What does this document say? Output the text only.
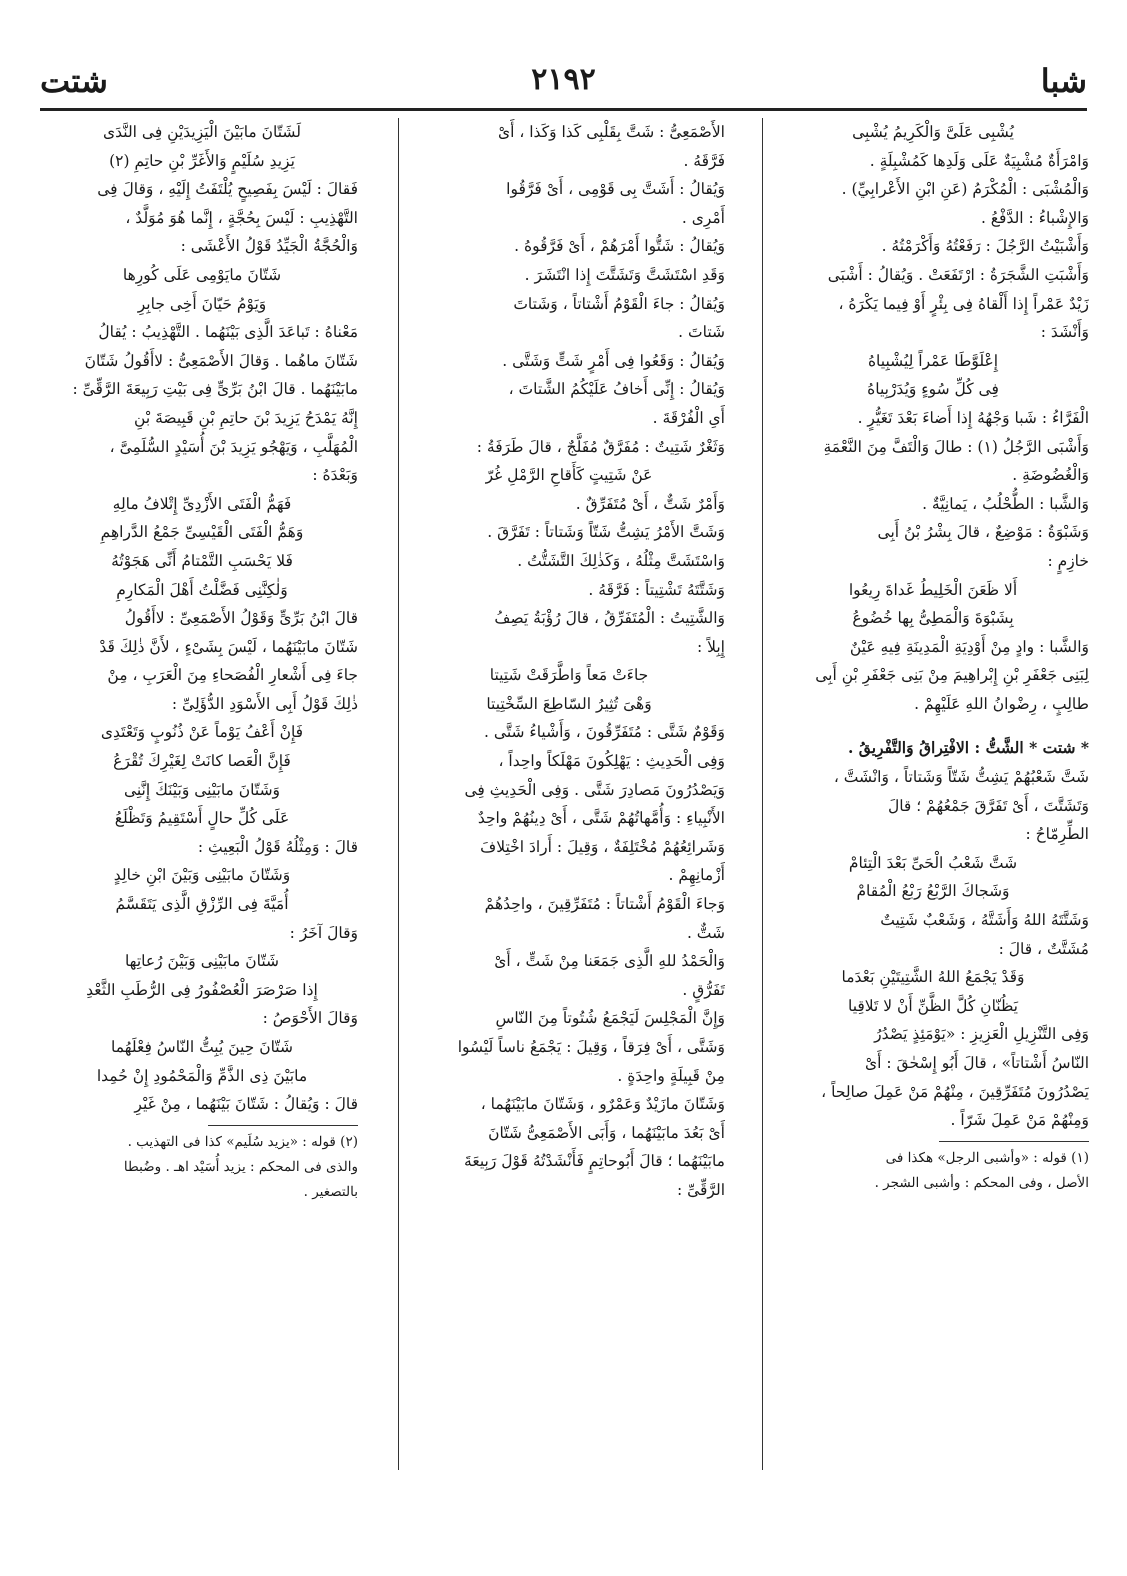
شبا
٢١٩٢
شتت

يُشْبِى عَلَىَّ وَالْكَرِيمُ يُشْبِى

وَامْرَأَةٌ مُشْبِيَةٌ عَلَى وَلَدِها كَمُشْبِلَةٍ .

وَالْمُشْبَى : الْمُكْرَمُ (عَنِ ابْنِ الأَعْرابِيِّ) .

وَالإِشْباءُ : الدَّفْعُ .

وَأَشْبَيْتُ الرَّجُلَ : رَفَعْتُهُ وَأَكْرَمْتُهُ .

وَأَشْبَتِ الشَّجَرَةُ : ارْتَفَعَتْ . وَيُقالُ : أَشْبَى

زَيْدٌ عَمْراً إِذا أَلْقاهُ فِى بِئْرٍ أَوْ فِيما يَكْرَهُ ،

وَأَنْشَدَ :

إِعْلَوَّطَا عَمْراً لِيُشْبِياهُ

فِى كُلِّ سُوءٍ وَيُدَرْبِياهُ

الْفَرَّاءُ : شَبا وَجْهُهُ إِذا أَضاءَ بَعْدَ تَغَيُّرٍ .

وَأَشْبَى الرَّجُلُ (١) : طالَ وَالْتَفَّ مِنَ النَّعْمَةِ

وَالْغُضُوضَةِ .

وَالشَّبا : الطُّحْلُبُ ، يَمانِيَّةٌ .

وَشَبْوَةُ : مَوْضِعٌ ، قالَ بِشْرُ بْنُ أَبِى

خازِمٍ :

أَلا ظَعَنَ الْخَلِيطُ غَداةَ رِيعُوا

بِشَبْوَةَ وَالْمَطِىُّ بِها خُضُوعُ

وَالشَّبا : وادٍ مِنْ أَوْدِيَةِ الْمَدِينَةِ فِيهِ عَيْنٌ

لِبَنِى جَعْفَرِ بْنِ إِبْراهِيمَ مِنْ بَنِى جَعْفَرِ بْنِ أَبِى

طالِبٍ ، رِضْوانُ اللهِ عَلَيْهِمْ .

* شتت * الشَّتُّ : الافْتِراقُ وَالتَّفْرِيقُ .

شَتَّ شَعْبُهُمْ يَشِتُّ شَتّاً وَشَتاتاً ، وَانْشَتَّ ،

وَتَشَتَّتَ ، أَىْ تَفَرَّقَ جَمْعُهُمْ ؛ قالَ

الطِّرِمّاحُ :

شَتَّ شَعْبُ الْحَىِّ بَعْدَ الْتِئامْ

وَشَجاكَ الرَّبْعُ رَبْعُ الْمُقامْ

وَشَتَّتَهُ اللهُ وَأَشَتَّهُ ، وَشَعْبٌ شَتِيتٌ

مُشَتَّتٌ ، قالَ :

وَقَدْ يَجْمَعُ اللهُ الشَّتِيتَيْنِ بَعْدَما

يَظُنّانِ كُلَّ الظَّنِّ أَنْ لا تَلاقِيا

وَفِى التَّنْزِيلِ الْعَزِيزِ : «يَوْمَئِذٍ يَصْدُرُ

النّاسُ أَشْتاتاً» ، قالَ أَبُو إِسْحٰقَ : أَىْ

يَصْدُرُونَ مُتَفَرِّقِينَ ، مِنْهُمْ مَنْ عَمِلَ صالِحاً ،

وَمِنْهُمْ مَنْ عَمِلَ شَرّاً .

(١) قوله : «وأشبى الرجل» هكذا فى

الأصل ، وفى المحكم : وأشبى الشجر .

الأَصْمَعِىُّ : شَتَّ بِقَلْبِى كَذا وَكَذا ، أَىْ

فَرَّقَهُ .

وَيُقالُ : أَشَتَّ بِى قَوْمِى ، أَىْ فَرَّقُوا

أَمْرِى .

وَيُقالُ : شَتُّوا أَمْرَهُمْ ، أَىْ فَرَّقُوهُ .

وَقَدِ اسْتَشَتَّ وَتَشَتَّتَ إِذا انْتَشَرَ .

وَيُقالُ : جاءَ الْقَوْمُ أَشْتاتاً ، وَشَتاتَ

شَتاتَ .

وَيُقالُ : وَقَعُوا فِى أَمْرٍ شَتٍّ وَشَتَّى .

وَيُقالُ : إِنِّى أَخافُ عَلَيْكُمُ الشَّتاتَ ،

أَىِ الْفُرْقَةَ .

وَثَغْرٌ شَتِيتٌ : مُفَرَّقٌ مُفَلَّجٌ ، قالَ طَرَفَةُ :

عَنْ شَتِيتٍ كَأَقاحِ الرَّمْلِ غُرّ

وَأَمْرٌ شَتٌّ ، أَىْ مُتَفَرِّقٌ .

وَشَتَّ الأَمْرُ يَشِتُّ شَتّاً وَشَتاتاً : تَفَرَّقَ .

وَاسْتَشَتَّ مِثْلُهُ ، وَكَذٰلِكَ التَّشَتُّتُ .

وَشَتَّتَهُ تَشْتِيتاً : فَرَّقَهُ .

وَالشَّتِيتُ : الْمُتَفَرِّقُ ، قالَ رُؤْبَةُ يَصِفُ

إِبِلاً :

جاءَتْ مَعاً وَاطَّرَقَتْ شَتِيتا

وَهْىَ تُثِيرُ السّاطِعَ السِّخْتِيتا

وَقَوْمٌ شَتَّى : مُتَفَرِّقُونَ ، وَأَشْياءُ شَتَّى .

وَفِى الْحَدِيثِ : يَهْلِكُونَ مَهْلَكاً واحِداً ،

وَيَصْدُرُونَ مَصادِرَ شَتَّى . وَفِى الْحَدِيثِ فِى

الأَنْبِياءِ : وَأُمَّهاتُهُمْ شَتَّى ، أَىْ دِينُهُمْ واحِدٌ

وَشَرائِعُهُمْ مُخْتَلِفَةٌ ، وَقِيلَ : أَرادَ اخْتِلافَ

أَزْمانِهِمْ .

وَجاءَ الْقَوْمُ أَشْتاتاً : مُتَفَرِّقِينَ ، واحِدُهُمْ

شَتٌّ .

وَالْحَمْدُ للهِ الَّذِى جَمَعَنا مِنْ شَتٍّ ، أَىْ

تَفَرُّقٍ .

وَإِنَّ الْمَجْلِسَ لَيَجْمَعُ شُتُوتاً مِنَ النّاسِ

وَشَتَّى ، أَىْ فِرَقاً ، وَقِيلَ : يَجْمَعُ ناساً لَيْسُوا

مِنْ قَبِيلَةٍ واحِدَةٍ .

وَشَتّانَ مازَيْدٌ وَعَمْرٌو ، وَشَتّانَ مابَيْنَهُما ،

أَىْ بَعُدَ مابَيْنَهُما ، وَأَبَى الأَصْمَعِىُّ شَتّانَ

مابَيْنَهُما ؛ قالَ أَبُوحاتِمٍ فَأَنْشَدْتُهُ قَوْلَ رَبِيعَةَ

الرَّقِّىِّ :

لَشَتّانَ مابَيْنَ الْيَزِيدَيْنِ فِى النَّدَى

يَزِيدِ سُلَيْمٍ وَالأَغَرِّ بْنِ حاتِمِ (٢)

فَقالَ : لَيْسَ بِفَصِيحٍ يُلْتَفَتُ إِلَيْهِ ، وَقالَ فِى

التَّهْذِيبِ : لَيْسَ بِحُجَّةٍ ، إِنَّما هُوَ مُوَلَّدٌ ،

وَالْحُجَّةُ الْجَيِّدُ قَوْلُ الأَعْشَى :

شَتّانَ مايَوْمِى عَلَى كُورِها

وَيَوْمُ حَيّانَ أَخِى جابِرِ

مَعْناهُ : تَباعَدَ الَّذِى بَيْنَهُما . التَّهْذِيبُ : يُقالُ

شَتّانَ ماهُما . وَقالَ الأَصْمَعِىُّ : لاأَقُولُ شَتّانَ

مابَيْنَهُما . قالَ ابْنُ بَرِّىٍّ فِى بَيْتِ رَبِيعَةَ الرَّقِّىِّ :

إِنَّهُ يَمْدَحُ يَزِيدَ بْنَ حاتِمِ بْنِ قَبِيصَةَ بْنِ

الْمُهَلَّبِ ، وَيَهْجُو يَزِيدَ بْنَ أُسَيْدٍ السُّلَمِىَّ ،

وَبَعْدَهُ :

فَهَمُّ الْفَتَى الأَزْدِىِّ إِتْلافُ مالِهِ

وَهَمُّ الْفَتَى الْقَيْسِىِّ جَمْعُ الدَّراهِمِ

فَلا يَحْسَبِ التَّمْتامُ أَنِّى هَجَوْتُهُ

وَلٰكِنَّنِى فَضَّلْتُ أَهْلَ الْمَكارِمِ

قالَ ابْنُ بَرِّىٍّ وَقَوْلُ الأَصْمَعِىِّ : لاأَقُولُ

شَتّانَ مابَيْنَهُما ، لَيْسَ بِشَىْءٍ ، لأَنَّ ذٰلِكَ قَدْ

جاءَ فِى أَشْعارِ الْفُصَحاءِ مِنَ الْعَرَبِ ، مِنْ

ذٰلِكَ قَوْلُ أَبِى الأَسْوَدِ الدُّؤَلِىِّ :

فَإِنْ أَعْفُ يَوْماً عَنْ ذُنُوبٍ وَتَعْتَدِى

فَإِنَّ الْعَصا كانَتْ لِغَيْرِكَ تُقْرَعُ

وَشَتّانَ مابَيْنِى وَبَيْنَكَ إِنَّنِى

عَلَى كُلِّ حالٍ أَسْتَقِيمُ وَتَظْلَعُ

قالَ : وَمِثْلُهُ قَوْلُ الْبَعِيثِ :

وَشَتّانَ مابَيْنِى وَبَيْنَ ابْنِ خالِدٍ

أُمَيَّةَ فِى الرِّزْقِ الَّذِى يَتَقَسَّمُ

وَقالَ آخَرُ :

شَتّانَ مابَيْنِى وَبَيْنَ رُعاتِها

إِذا صَرْصَرَ الْعُصْفُورُ فِى الرُّطَبِ الثَّعْدِ

وَقالَ الأَحْوَصُ :

شَتّانَ حِينَ يُبِتُّ النّاسُ فِعْلَهُما

مابَيْنَ ذِى الذَّمِّ وَالْمَحْمُودِ إِنْ حُمِدا

قالَ : وَيُقالُ : شَتّانَ بَيْنَهُما ، مِنْ غَيْرِ

(٢) قوله : «يزيد سُلَيم» كذا فى التهذيب .

والذى فى المحكم : يزيد أُسَيْد اهـ . وضُبطا

بالتصغير .
